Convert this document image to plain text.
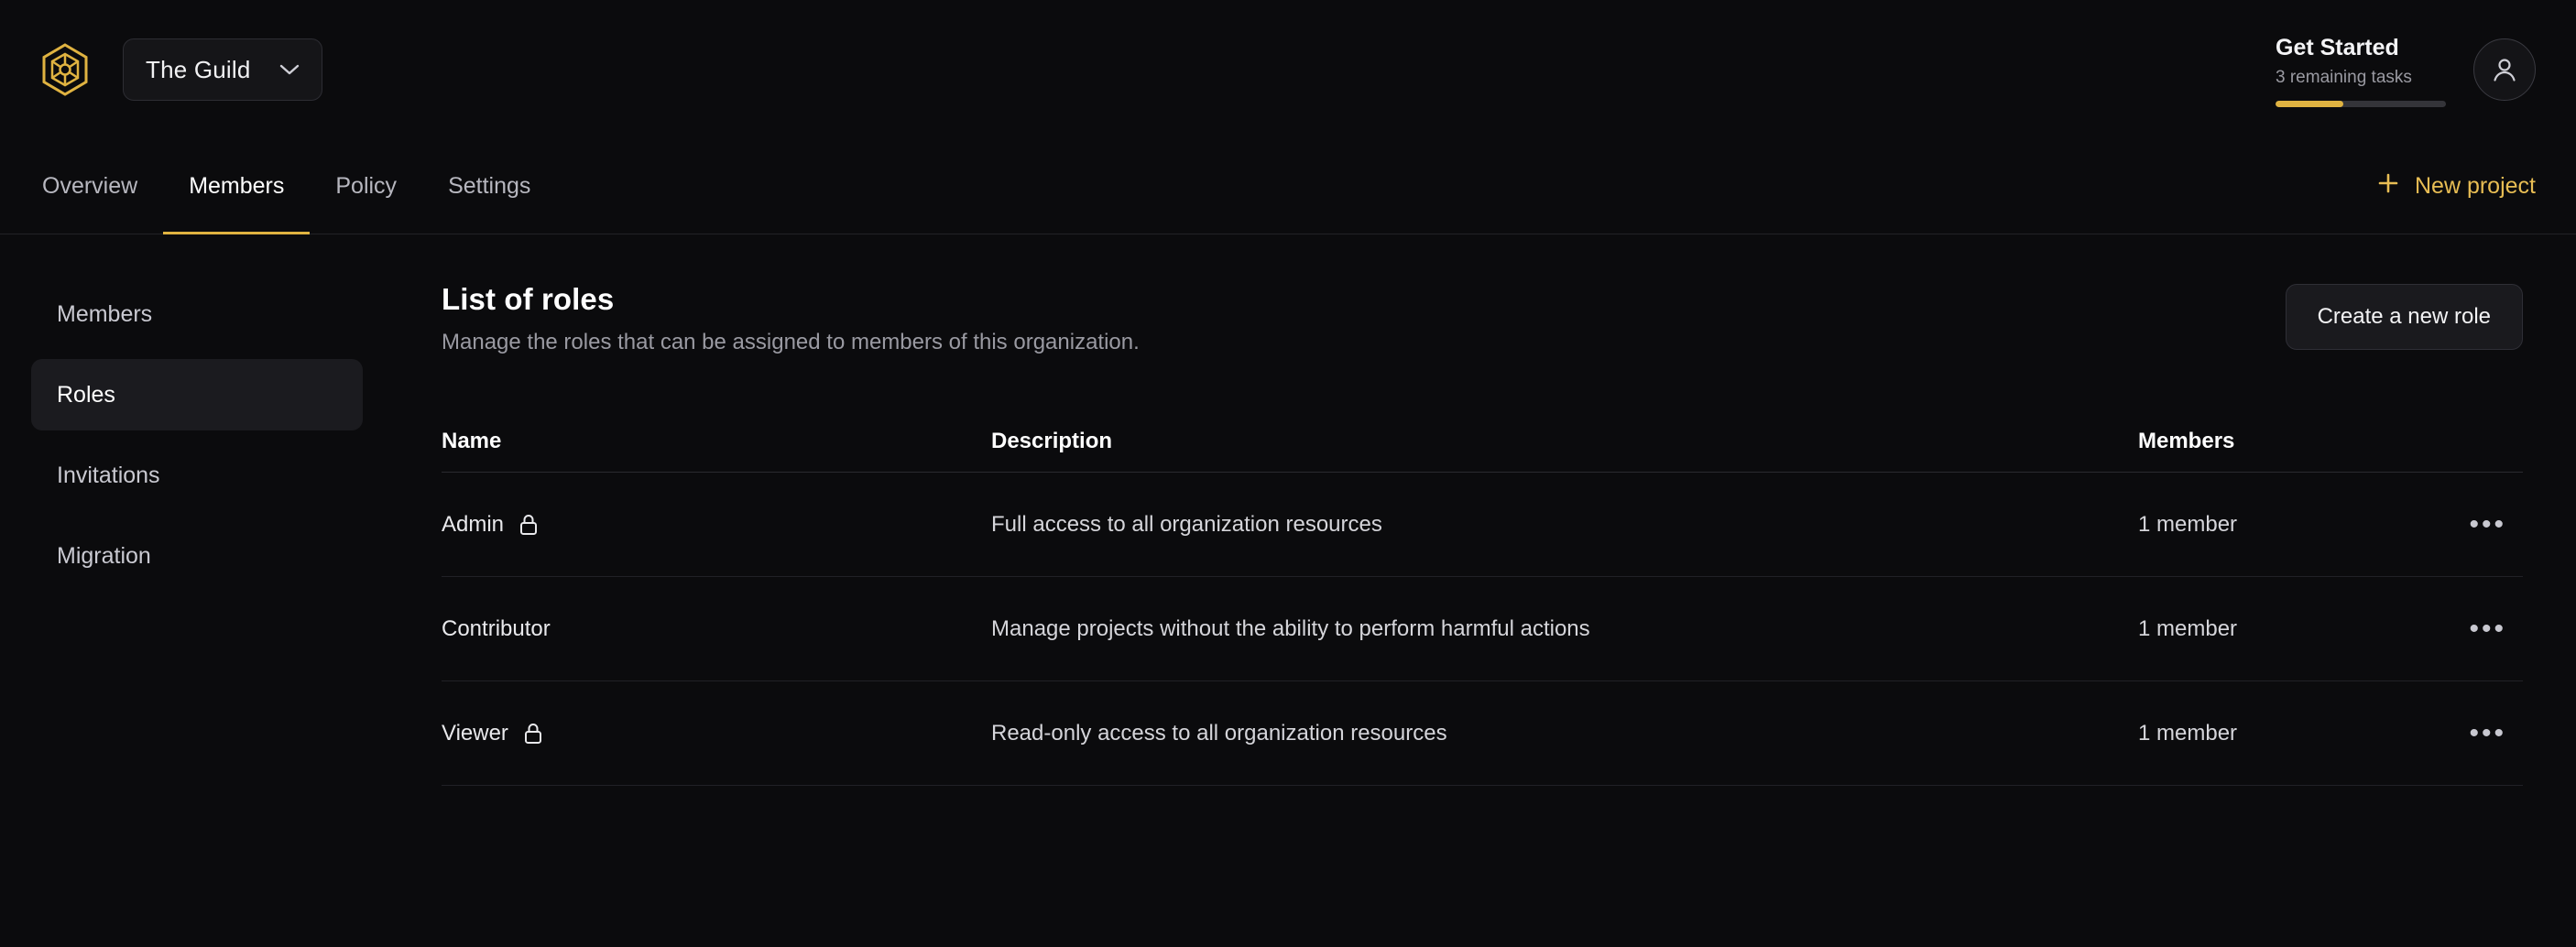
The Guild
Get Started
3 remaining tasks
Overview Members Policy Settings	New project
Members
Roles
Invitations
Migration
List of roles
Manage the roles that can be assigned to members of this organization.
Create a new role
Name	Description	Members
Admin	Full access to all organization resources	1 member	•••
Contributor	Manage projects without the ability to perform harmful actions	1 member	•••
Viewer	Read-only access to all organization resources	1 member	•••
